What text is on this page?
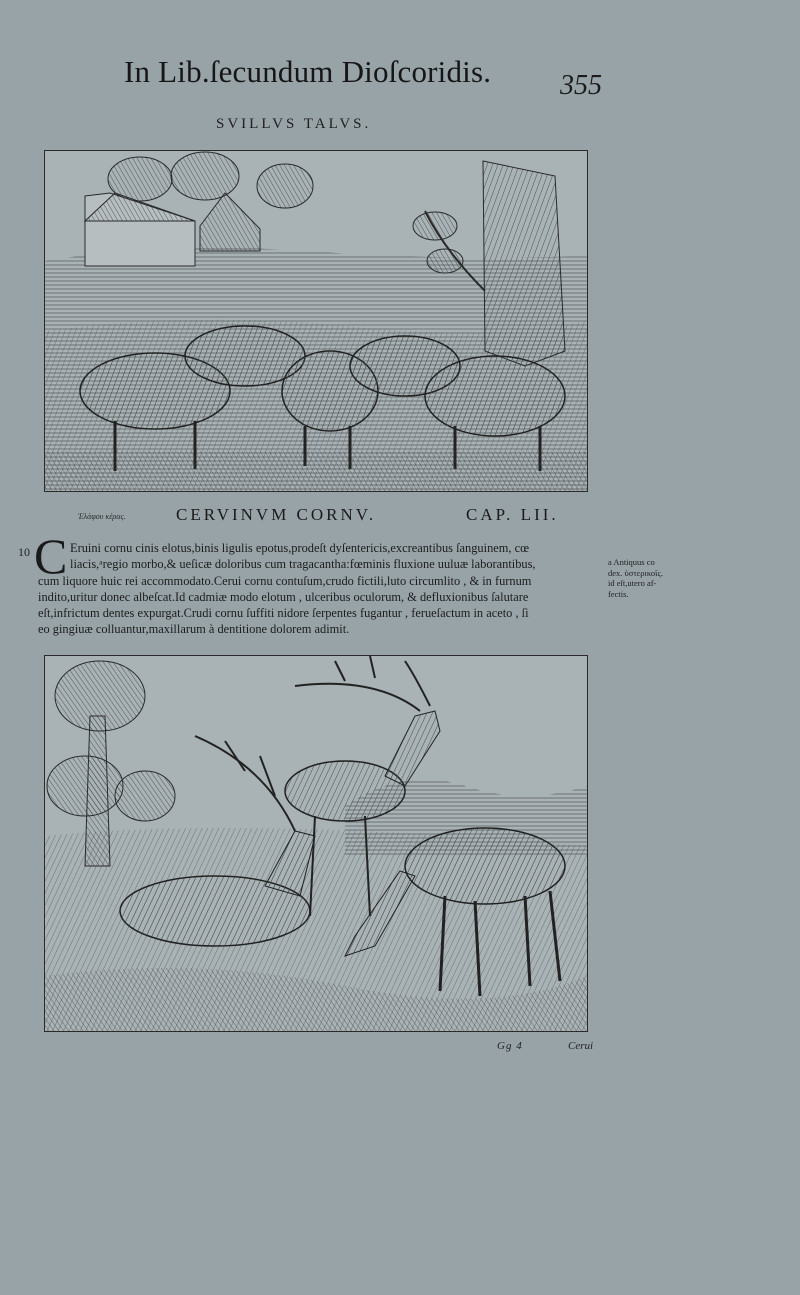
In Lib.ſecundum Dioſcoridis. 355
SVILLVS TALVS.
Ἐλάφου κέρας.	CERVINVM CORNV.	CAP. LII.
10 C Eruini cornu cinis elotus,binis ligulis epotus,prodeſt dyſentericis,excreantibus ſanguinem, cœ
liacis,ᵃregio morbo,& ueſicæ doloribus cum tragacantha:fœminis fluxione uuluæ laborantibus,
cum liquore huic rei accommodato.Cerui cornu contuſum,crudo fictili,luto circumlito , & in furnum
indito,uritur donec albeſcat.Id cadmiæ modo elotum , ulceribus oculorum, & defluxionibus ſalutare
eſt,infrictum dentes expurgat.Crudi cornu ſuffiti nidore ſerpentes fugantur , ferueſactum in aceto , ſi
eo gingiuæ colluantur,maxillarum à dentitione dolorem adimit.
a Antiquus co
dex. ὑστερικοῖς.
id eſt,utero af-
fectis.
Gg 4	Cerui
